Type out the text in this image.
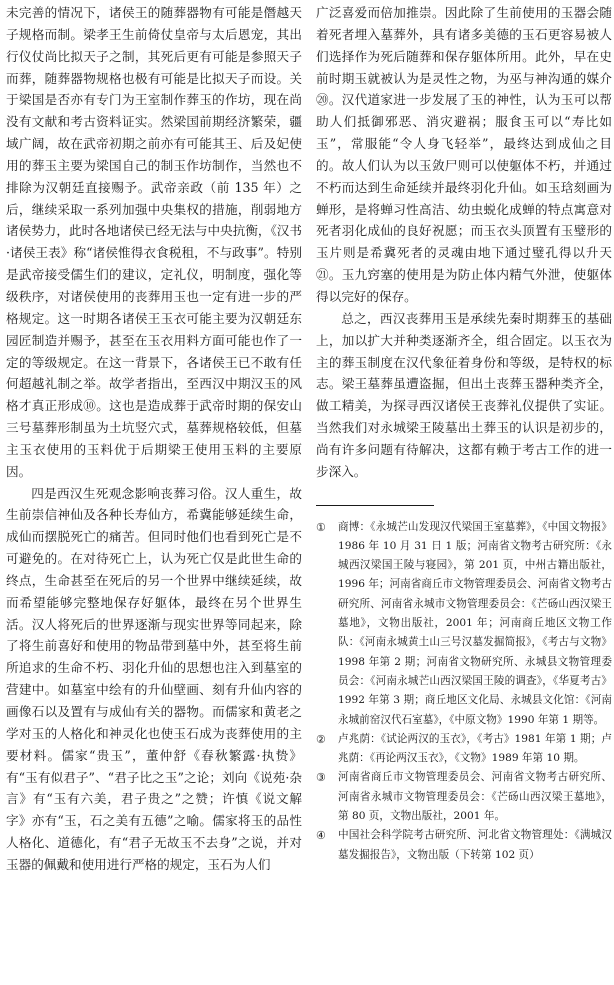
未完善的情况下，诸侯王的随葬器物有可能是僭越天子规格而制。梁孝王生前倚仗皇帝与太后恩宠，其出行仪仗尚比拟天子之制，其死后更有可能是参照天子而葬，随葬器物规格也极有可能是比拟天子而设。关于梁国是否亦有专门为王室制作葬玉的作坊，现在尚没有文献和考古资料证实。然梁国前期经济繁荣，疆域广阔，故在武帝初期之前亦有可能其王、后及妃使用的葬玉主要为梁国自己的制玉作坊制作，当然也不排除为汉朝廷直接赐予。武帝亲政（前 135 年）之后，继续采取一系列加强中央集权的措施，削弱地方诸侯势力，此时各地诸侯已经无法与中央抗衡，《汉书·诸侯王表》称“诸侯惟得衣食税租，不与政事”。特别是武帝接受儒生们的建议，定礼仪，明制度，强化等级秩序，对诸侯使用的丧葬用玉也一定有进一步的严格规定。这一时期各诸侯王玉衣可能主要为汉朝廷东园匠制造并赐予，甚至在玉衣用料方面可能也作了一定的等级规定。在这一背景下，各诸侯王已不敢有任何超越礼制之举。故学者指出，至西汉中期汉玉的风格才真正形成⑩。这也是造成葬于武帝时期的保安山三号墓葬形制虽为土坑竖穴式，墓葬规格较低，但墓主玉衣使用的玉料优于后期梁王使用玉料的主要原因。

四是西汉生死观念影响丧葬习俗。汉人重生，故生前崇信神仙及各种长寿仙方，希冀能够延续生命，成仙而摆脱死亡的痛苦。但同时他们也看到死亡是不可避免的。在对待死亡上，认为死亡仅是此世生命的终点，生命甚至在死后的另一个世界中继续延续，故而希望能够完整地保存好躯体，最终在另个世界生活。汉人将死后的世界逐渐与现实世界等同起来，除了将生前喜好和使用的物品带到墓中外，甚至将生前所追求的生命不朽、羽化升仙的思想也注入到墓室的营建中。如墓室中绘有的升仙壁画、刻有升仙内容的画像石以及置有与成仙有关的器物。而儒家和黄老之学对玉的人格化和神灵化也使玉石成为丧葬使用的主要材料。儒家“贵玉”，董仲舒《春秋繁露·执贽》有“玉有似君子”、“君子比之玉”之论；刘向《说苑·杂言》有“玉有六美，君子贵之”之赞；许慎《说文解字》亦有“玉，石之美有五德”之喻。儒家将玉的品性人格化、道德化，有“君子无故玉不去身”之说，并对玉器的佩戴和使用进行严格的规定，玉石为人们

广泛喜爱而倍加推崇。因此除了生前使用的玉器会随着死者埋入墓葬外，具有诸多美德的玉石更容易被人们选择作为死后随葬和保存躯体所用。此外，早在史前时期玉就被认为是灵性之物，为巫与神沟通的媒介⑳。汉代道家进一步发展了玉的神性，认为玉可以帮助人们抵御邪恶、消灾避祸；服食玉可以“寿比如玉”，常服能“令人身飞轻举”，最终达到成仙之目的。故人们认为以玉敛尸则可以使躯体不朽，并通过不朽而达到生命延续并最终羽化升仙。如玉琀刻画为蝉形，是将蝉习性高洁、幼虫蜕化成蝉的特点寓意对死者羽化成仙的良好祝愿；而玉衣头顶置有玉璧形的玉片则是希冀死者的灵魂由地下通过璧孔得以升天㉑。玉九窍塞的使用是为防止体内精气外泄，使躯体得以完好的保存。

总之，西汉丧葬用玉是承续先秦时期葬玉的基础上，加以扩大并种类逐渐齐全，组合固定。以玉衣为主的葬玉制度在汉代象征着身份和等级，是特权的标志。梁王墓葬虽遭盗掘，但出土丧葬玉器种类齐全，做工精美，为探寻西汉诸侯王丧葬礼仪提供了实证。当然我们对永城梁王陵墓出土葬玉的认识是初步的，尚有许多问题有待解决，这都有赖于考古工作的进一步深入。

①	商博：《永城芒山发现汉代梁国王室墓葬》，《中国文物报》1986 年 10 月 31 日 1 版；河南省文物考古研究所：《永城西汉梁国王陵与寝园》，第 201 页，中州古籍出版社，1996 年；河南省商丘市文物管理委员会、河南省文物考古研究所、河南省永城市文物管理委员会：《芒砀山西汉梁王墓地》，文物出版社，2001 年；河南商丘地区文物工作队：《河南永城黄土山三号汉墓发掘简报》，《考古与文物》1998 年第 2 期；河南省文物研究所、永城县文物管理委员会：《河南永城芒山西汉梁国王陵的调查》，《华夏考古》1992 年第 3 期；商丘地区文化局、永城县文化馆：《河南永城前窑汉代石室墓》，《中原文物》1990 年第 1 期等。
②	卢兆荫：《试论两汉的玉衣》，《考古》1981 年第 1 期；卢兆荫：《再论两汉玉衣》，《文物》1989 年第 10 期。
③	河南省商丘市文物管理委员会、河南省文物考古研究所、河南省永城市文物管理委员会：《芒砀山西汉梁王墓地》，第 80 页，文物出版社，2001 年。
④	中国社会科学院考古研究所、河北省文物管理处：《满城汉墓发掘报告》，文物出版（下转第 102 页）
